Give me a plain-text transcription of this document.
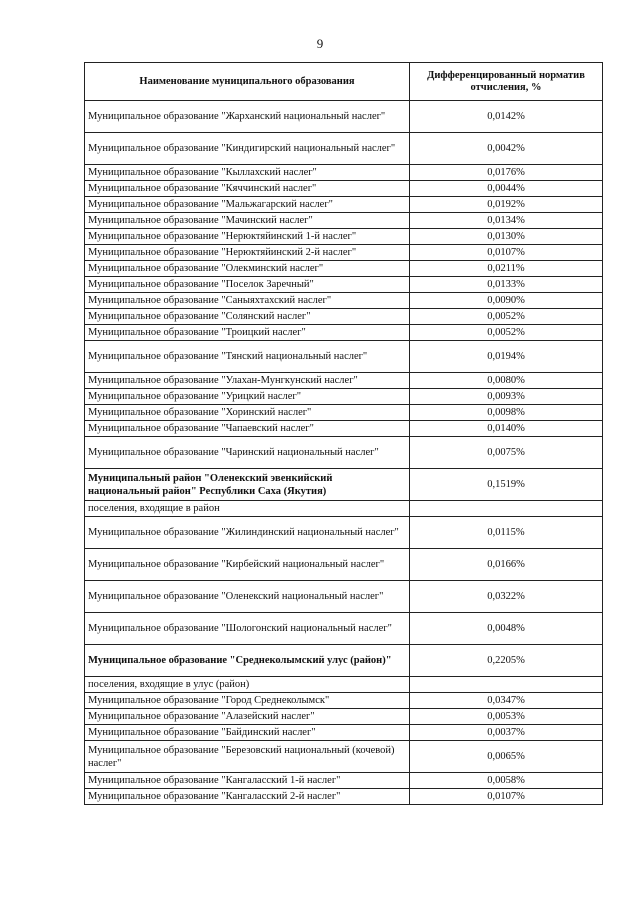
9
Наименование муниципального образования	Дифференцированный норматив отчисления, %
Муниципальное образование "Жарханский национальный наслег"	0,0142%
Муниципальное образование "Киндигирский национальный наслег"	0,0042%
Муниципальное образование "Кыллахский наслег"	0,0176%
Муниципальное образование "Кяччинский наслег"	0,0044%
Муниципальное образование "Мальжагарский наслег"	0,0192%
Муниципальное образование "Мачинский наслег"	0,0134%
Муниципальное образование "Нерюктяйинский 1-й наслег"	0,0130%
Муниципальное образование "Нерюктяйинский 2-й наслег"	0,0107%
Муниципальное образование "Олекминский наслег"	0,0211%
Муниципальное образование "Поселок Заречный"	0,0133%
Муниципальное образование "Саныяхтахский наслег"	0,0090%
Муниципальное образование "Солянский наслег"	0,0052%
Муниципальное образование "Троицкий наслег"	0,0052%
Муниципальное образование "Тянский национальный наслег"	0,0194%
Муниципальное образование "Улахан-Мунгкунский наслег"	0,0080%
Муниципальное образование "Урицкий наслег"	0,0093%
Муниципальное образование "Хоринский наслег"	0,0098%
Муниципальное образование "Чапаевский наслег"	0,0140%
Муниципальное образование "Чаринский национальный наслег"	0,0075%
Муниципальный район "Оленекский эвенкийский национальный район" Республики Саха (Якутия)	0,1519%
поселения, входящие в район	
Муниципальное образование "Жилиндинский национальный наслег"	0,0115%
Муниципальное образование "Кирбейский национальный наслег"	0,0166%
Муниципальное образование "Оленекский национальный наслег"	0,0322%
Муниципальное образование "Шологонский национальный наслег"	0,0048%
Муниципальное образование "Среднеколымский улус (район)"	0,2205%
поселения, входящие в улус (район)	
Муниципальное образование "Город Среднеколымск"	0,0347%
Муниципальное образование "Алазейский наслег"	0,0053%
Муниципальное образование "Байдинский наслег"	0,0037%
Муниципальное образование "Березовский национальный (кочевой) наслег"	0,0065%
Муниципальное образование "Кангаласский 1-й наслег"	0,0058%
Муниципальное образование "Кангаласский 2-й наслег"	0,0107%
